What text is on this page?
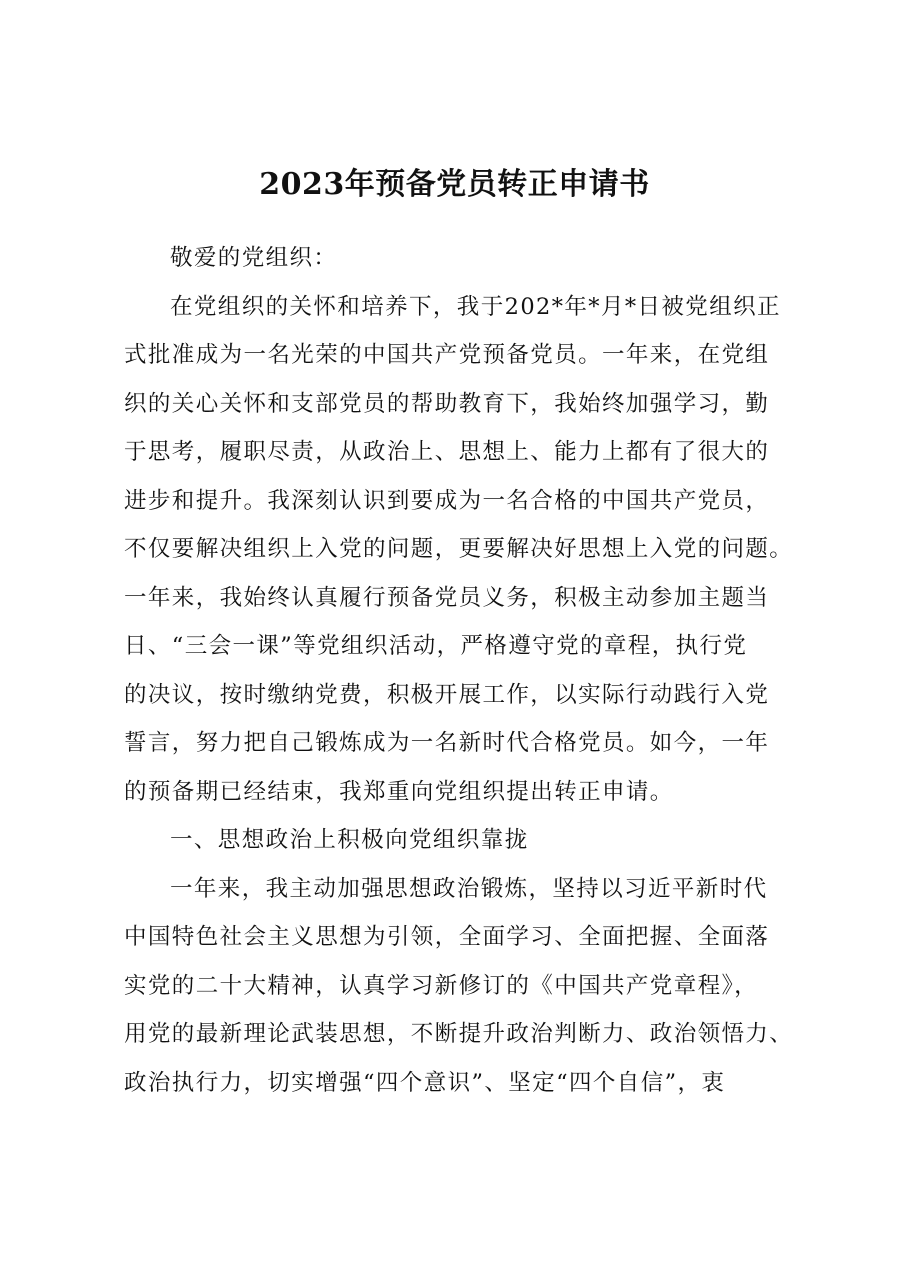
2023年预备党员转正申请书
敬爱的党组织：
在党组织的关怀和培养下，我于202*年*月*日被党组织正
式批准成为一名光荣的中国共产党预备党员。一年来，在党组
织的关心关怀和支部党员的帮助教育下，我始终加强学习，勤
于思考，履职尽责，从政治上、思想上、能力上都有了很大的
进步和提升。我深刻认识到要成为一名合格的中国共产党员，
不仅要解决组织上入党的问题，更要解决好思想上入党的问题。
一年来，我始终认真履行预备党员义务，积极主动参加主题当
日、“三会一课”等党组织活动，严格遵守党的章程，执行党
的决议，按时缴纳党费，积极开展工作，以实际行动践行入党
誓言，努力把自己锻炼成为一名新时代合格党员。如今，一年
的预备期已经结束，我郑重向党组织提出转正申请。
一、思想政治上积极向党组织靠拢
一年来，我主动加强思想政治锻炼，坚持以习近平新时代
中国特色社会主义思想为引领，全面学习、全面把握、全面落
实党的二十大精神，认真学习新修订的《中国共产党章程》，
用党的最新理论武装思想，不断提升政治判断力、政治领悟力、
政治执行力，切实增强“四个意识”、坚定“四个自信”，衷
